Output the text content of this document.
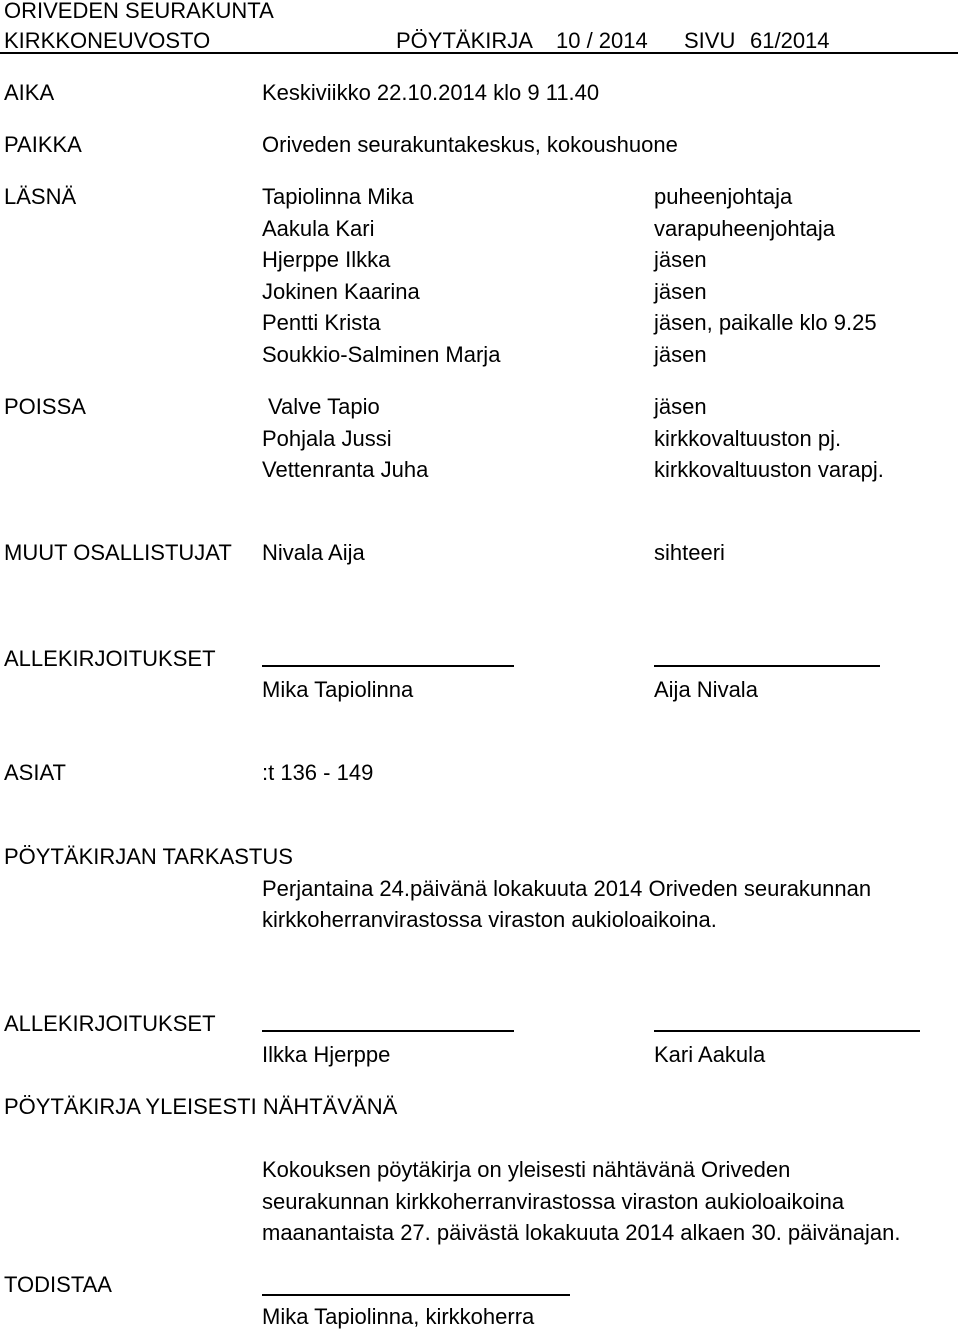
ORIVEDEN SEURAKUNTA
KIRKKONEUVOSTO	PÖYTÄKIRJA 10 / 2014 SIVU 61/2014
AIKA	Keskiviikko 22.10.2014 klo 9 11.40
PAIKKA	Oriveden seurakuntakeskus, kokoushuone
LÄSNÄ	Tapiolinna Mika	puheenjohtaja
Aakula Kari	varapuheenjohtaja
Hjerppe Ilkka	jäsen
Jokinen Kaarina	jäsen
Pentti Krista	jäsen, paikalle klo 9.25
Soukkio-Salminen Marja	jäsen
POISSA	Valve Tapio	jäsen
Pohjala Jussi	kirkkovaltuuston pj.
Vettenranta Juha	kirkkovaltuuston varapj.
MUUT OSALLISTUJAT Nivala Aija	sihteeri
ALLEKIRJOITUKSET
Mika Tapiolinna	Aija Nivala
ASIAT	:t 136 - 149
PÖYTÄKIRJAN TARKASTUS
Perjantaina 24.päivänä lokakuuta 2014 Oriveden seurakunnan
kirkkoherranvirastossa viraston aukioloaikoina.
ALLEKIRJOITUKSET
Ilkka Hjerppe	Kari Aakula
PÖYTÄKIRJA YLEISESTI NÄHTÄVÄNÄ
Kokouksen pöytäkirja on yleisesti nähtävänä Oriveden
seurakunnan kirkkoherranvirastossa viraston aukioloaikoina
maanantaista 27. päivästä lokakuuta 2014 alkaen 30. päivänajan.
TODISTAA
Mika Tapiolinna, kirkkoherra
